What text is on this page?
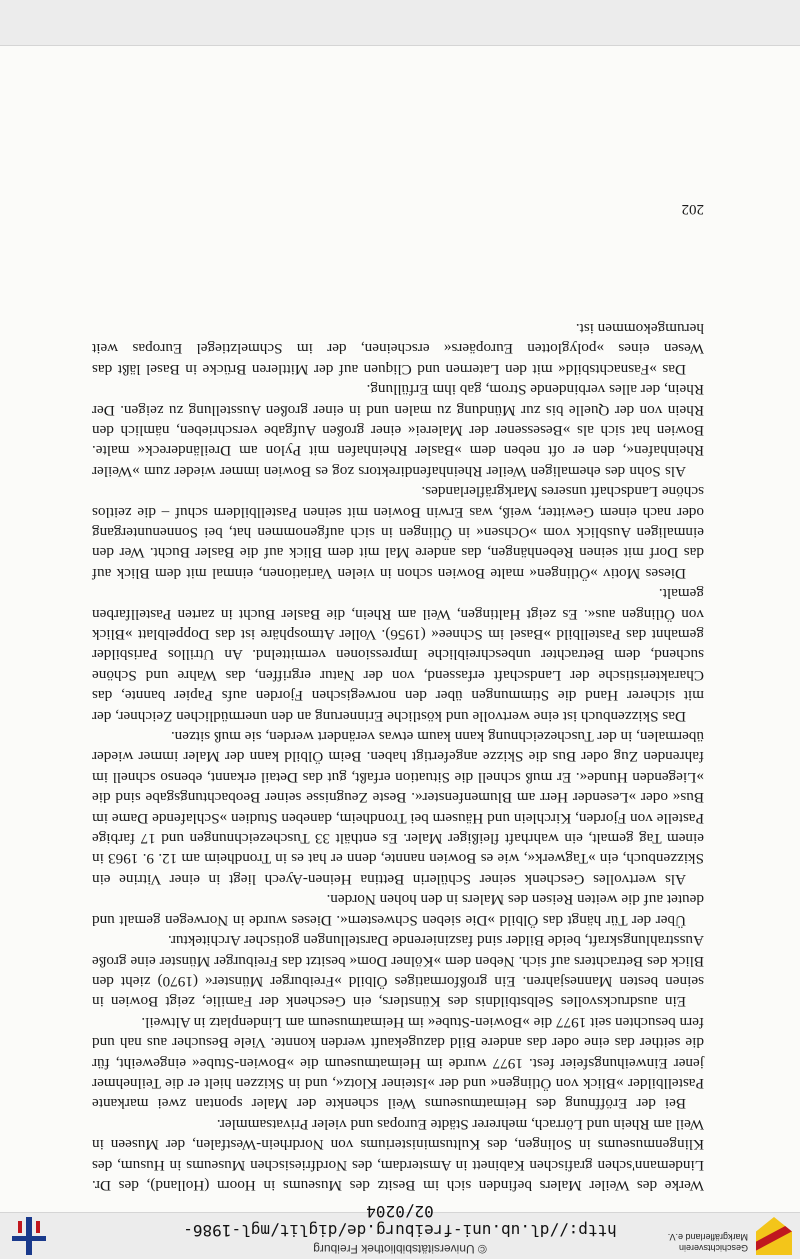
Geschichtsverein
Markgräflerland e.V.
© Universitätsbibliothek Freiburg
http://dl.ub.uni-freiburg.de/diglit/mgl-1986-02/0204

Werke des Weiler Malers befinden sich im Besitz des Museums in Hoorn (Holland), des Dr. Lindemann'schen grafischen Kabinett in Amsterdam, des Nordfriesischen Museums in Husum, des Klingenmuseums in Solingen, des Kultusministeriums von Nordrhein-Westfalen, der Museen in Weil am Rhein und Lörrach, mehrerer Städte Europas und vieler Privatsammler.

Bei der Eröffnung des Heimatmuseums Weil schenkte der Maler spontan zwei markante Pastellbilder »Blick von Ötlingen« und der »Isteiner Klotz«, und in Skizzen hielt er die Teilnehmer jener Einweihungsfeier fest. 1977 wurde im Heimatmuseum die »Bowien-Stube« eingeweiht, für die seither das eine oder das andere Bild dazugekauft werden konnte. Viele Besucher aus nah und fern besuchten seit 1977 die »Bowien-Stube« im Heimatmuseum am Lindenplatz in Altweil.

Ein ausdrucksvolles Selbstbildnis des Künstlers, ein Geschenk der Familie, zeigt Bowien in seinen besten Mannesjahren. Ein großformatiges Ölbild »Freiburger Münster« (1970) zieht den Blick des Betrachters auf sich. Neben dem »Kölner Dom« besitzt das Freiburger Münster eine große Ausstrahlungskraft, beide Bilder sind faszinierende Darstellungen gotischer Architektur.

Über der Tür hängt das Ölbild »Die sieben Schwestern«. Dieses wurde in Norwegen gemalt und deutet auf die weiten Reisen des Malers in den hohen Norden.

Als wertvolles Geschenk seiner Schülerin Bettina Heinen-Ayech liegt in einer Vitrine ein Skizzenbuch, ein »Tagwerk«, wie es Bowien nannte, denn er hat es in Trondheim am 12. 9. 1963 in einem Tag gemalt, ein wahrhaft fleißiger Maler. Es enthält 33 Tuschezeichnungen und 17 farbige Pastelle von Fjorden, Kirchlein und Häusern bei Trondheim, daneben Studien »Schlafende Dame im Bus« oder »Lesender Herr am Blumenfenster«. Beste Zeugnisse seiner Beobachtungsgabe sind die »Liegenden Hunde«. Er muß schnell die Situation erfaßt, gut das Detail erkannt, ebenso schnell im fahrenden Zug oder Bus die Skizze angefertigt haben. Beim Ölbild kann der Maler immer wieder übermalen, in der Tuschezeichnung kann kaum etwas verändert werden, sie muß sitzen.

Das Skizzenbuch ist eine wertvolle und köstliche Erinnerung an den unermüdlichen Zeichner, der mit sicherer Hand die Stimmungen über den norwegischen Fjorden aufs Papier bannte, das Charakteristische der Landschaft erfassend, von der Natur ergriffen, das Wahre und Schöne suchend, dem Betrachter unbeschreibliche Impressionen vermittelnd. An Utrillos Parisbilder gemahnt das Pastellbild »Basel im Schnee« (1956). Voller Atmosphäre ist das Doppelblatt »Blick von Ötlingen aus«. Es zeigt Haltingen, Weil am Rhein, die Basler Bucht in zarten Pastellfarben gemalt.

Dieses Motiv »Ötlingen« malte Bowien schon in vielen Variationen, einmal mit dem Blick auf das Dorf mit seinen Rebenhängen, das andere Mal mit dem Blick auf die Basler Bucht. Wer den einmaligen Ausblick vom »Ochsen« in Ötlingen in sich aufgenommen hat, bei Sonnenuntergang oder nach einem Gewitter, weiß, was Erwin Bowien mit seinen Pastellbildern schuf – die zeitlos schöne Landschaft unseres Markgräflerlandes.

Als Sohn des ehemaligen Weiler Rheinhafendirektors zog es Bowien immer wieder zum »Weiler Rheinhafen«, den er oft neben dem »Basler Rheinhafen mit Pylon am Dreiländereck« malte. Bowien hat sich als »Besessener der Malerei« einer großen Aufgabe verschrieben, nämlich den Rhein von der Quelle bis zur Mündung zu malen und in einer großen Ausstellung zu zeigen. Der Rhein, der alles verbindende Strom, gab ihm Erfüllung.

Das »Fasnachtsbild« mit den Laternen und Cliquen auf der Mittleren Brücke in Basel läßt das Wesen eines »polyglotten Europäers« erscheinen, der im Schmelztiegel Europas weit herumgekommen ist.

202
